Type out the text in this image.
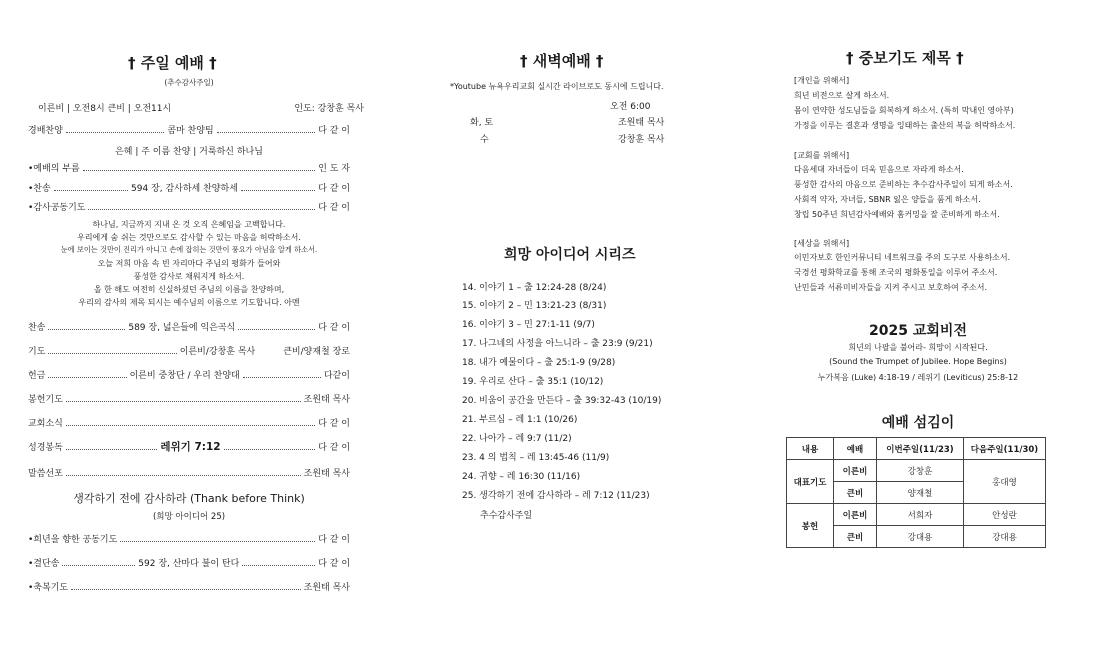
† 주일 예배 †
(추수감사주일)
이른비 | 오전8시 큰비 | 오전11시	인도: 강창훈 목사
경배찬양	콤마 찬양팀	다 같 이
은혜 | 주 이름 찬양 | 거룩하신 하나님
•예배의 부름	인 도 자
•찬송	594 장, 감사하세 찬양하세	다 같 이
•감사공동기도	다 같 이
하나님, 지금까지 지내 온 것 오직 은혜임을 고백합니다.
우리에게 숨 쉬는 것만으로도 감사할 수 있는 마음을 허락하소서.
눈에 보이는 것만이 진리가 아니고 손에 잡히는 것만이 풍요가 아님을 알게 하소서.
오늘 저희 마음 속 빈 자리마다 주님의 평화가 들어와
풍성한 감사로 채워지게 하소서.
올 한 해도 여전히 신실하셨던 주님의 이름을 찬양하며,
우리의 감사의 제목 되시는 예수님의 이름으로 기도합니다. 아멘
찬송	589 장, 넓은들에 익은곡식	다 같 이
기도	이른비/강창훈 목사	큰비/양재철 장로
헌금	이른비 중창단 / 우리 찬양대	다같이
봉헌기도	조원태 목사
교회소식	다 같 이
성경봉독	레위기 7:12	다 같 이
말씀선포	조원태 목사
생각하기 전에 감사하라 (Thank before Think)
(희망 아이디어 25)
•희년을 향한 공동기도	다 같 이
•결단송	592 장, 산마다 불이 탄다	다 같 이
•축복기도	조원태 목사
† 새벽예배 †
*Youtube 뉴욕우리교회 실시간 라이브로도 동시에 드립니다.
오전 6:00
화, 토	조원태 목사
수	강창훈 목사
희망 아이디어 시리즈
14. 이야기 1 – 출 12:24-28 (8/24)
15. 이야기 2 – 민 13:21-23 (8/31)
16. 이야기 3 – 민 27:1-11 (9/7)
17. 나그네의 사정을 아느니라 – 출 23:9 (9/21)
18. 내가 예물이다 – 출 25:1-9 (9/28)
19. 우리로 산다 – 출 35:1 (10/12)
20. 비움이 공간을 만든다 – 출 39:32-43 (10/19)
21. 부르심 – 레 1:1 (10/26)
22. 나아가 – 레 9:7 (11/2)
23. 4 의 법칙 – 레 13:45-46 (11/9)
24. 귀향 – 레 16:30 (11/16)
25. 생각하기 전에 감사하라 – 레 7:12 (11/23)
추수감사주일
† 중보기도 제목 †
[개인을 위해서]
희년 비전으로 살게 하소서.
몸이 연약한 성도님들을 회복하게 하소서. (특히 막내인 영아부)
가정을 이루는 결혼과 생명을 잉태하는 출산의 복을 허락하소서.
[교회를 위해서]
다음세대 자녀들이 더욱 믿음으로 자라게 하소서.
풍성한 감사의 마음으로 준비하는 추수감사주일이 되게 하소서.
사회적 약자, 자녀들, SBNR 잃은 양들을 품게 하소서.
창립 50주년 희년감사예배와 홈커밍을 잘 준비하게 하소서.
[세상을 위해서]
이민자보호 한인커뮤니티 네트워크를 주의 도구로 사용하소서.
국경선 평화학교를 통해 조국의 평화통일을 이루어 주소서.
난민들과 서류미비자들을 지켜 주시고 보호하여 주소서.
2025 교회비전
희년의 나팔을 불어라- 희망이 시작된다.
(Sound the Trumpet of Jubilee. Hope Begins)
누가복음 (Luke) 4:18-19 / 레위기 (Leviticus) 25:8-12
예배 섬김이
내용	예배	이번주일(11/23)	다음주일(11/30)
대표기도	이른비	강창훈	홍대영
	큰비	양재철	
봉헌	이른비	서희자	안성란
	큰비	강대용	강대용
